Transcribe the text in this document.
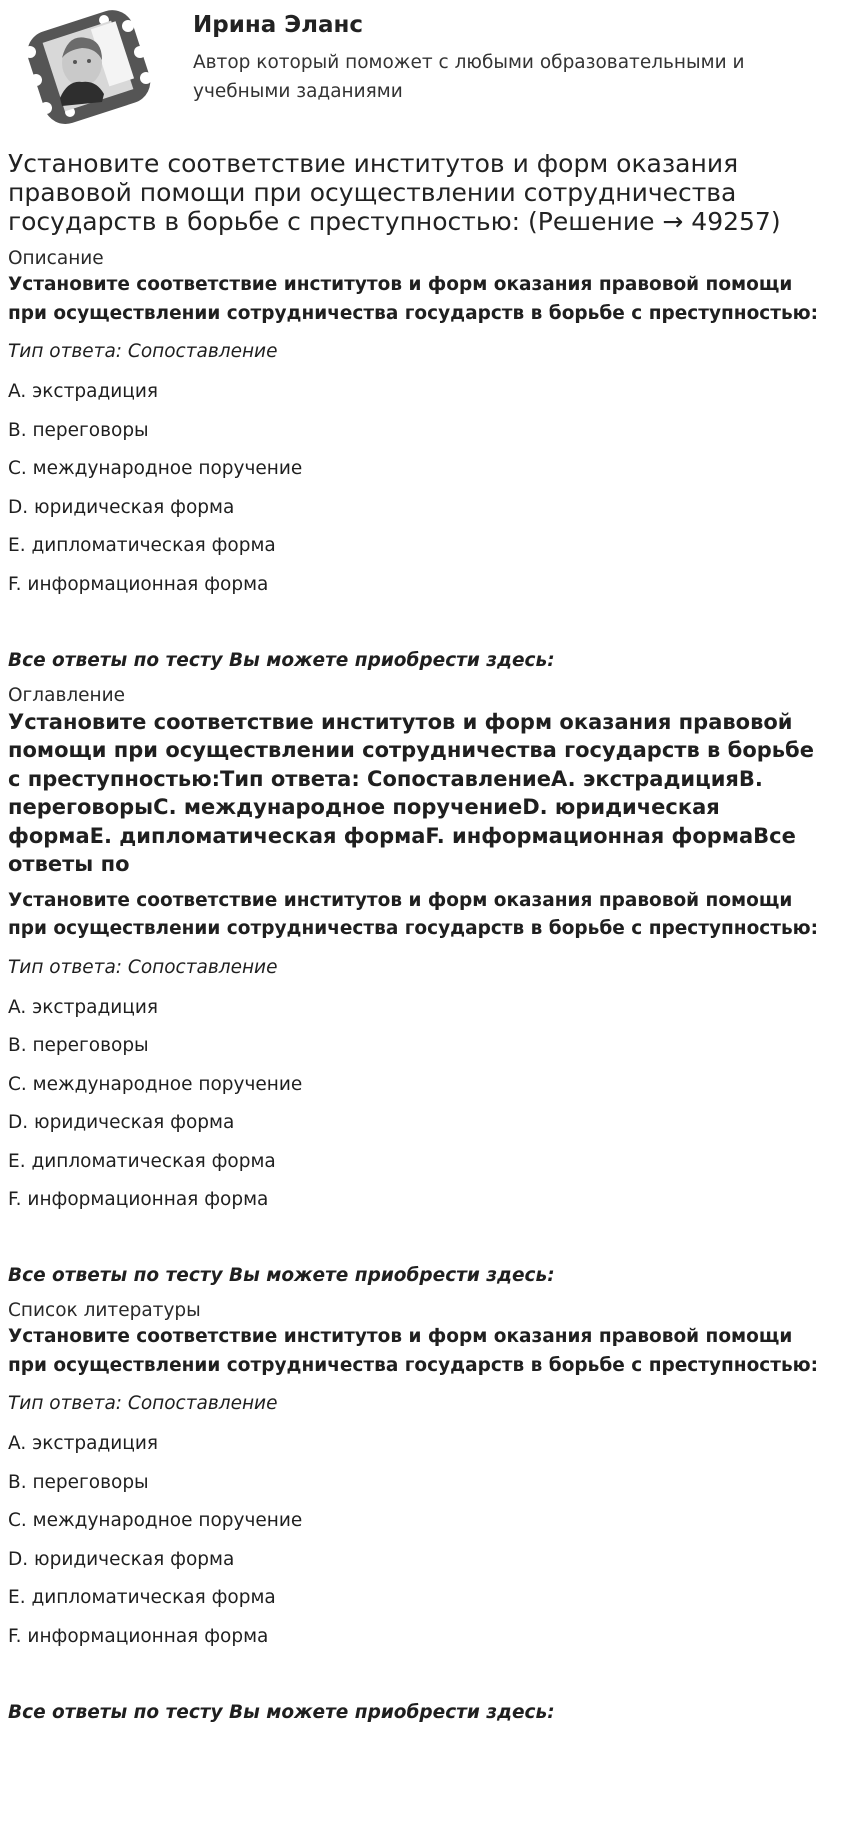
Ирина Эланс
Автор который поможет с любыми образовательными и учебными заданиями
Установите соответствие институтов и форм оказания правовой помощи при осуществлении сотрудничества государств в борьбе с преступностью: (Решение → 49257)
Описание

Установите соответствие институтов и форм оказания правовой помощи при осуществлении сотрудничества государств в борьбе с преступностью:

Тип ответа: Сопоставление

A. экстрадиция
B. переговоры
C. международное поручение
D. юридическая форма
E. дипломатическая форма
F. информационная форма

Все ответы по тесту Вы можете приобрести здесь:

Оглавление

Установите соответствие институтов и форм оказания правовой помощи при осуществлении сотрудничества государств в борьбе с преступностью:Тип ответа: СопоставлениеA. экстрадицияB. переговорыC. международное поручениеD. юридическая формаE. дипломатическая формаF. информационная формаВсе ответы по

Установите соответствие институтов и форм оказания правовой помощи при осуществлении сотрудничества государств в борьбе с преступностью:

Тип ответа: Сопоставление

A. экстрадиция
B. переговоры
C. международное поручение
D. юридическая форма
E. дипломатическая форма
F. информационная форма

Все ответы по тесту Вы можете приобрести здесь:

Список литературы

Установите соответствие институтов и форм оказания правовой помощи при осуществлении сотрудничества государств в борьбе с преступностью:

Тип ответа: Сопоставление

A. экстрадиция
B. переговоры
C. международное поручение
D. юридическая форма
E. дипломатическая форма
F. информационная форма

Все ответы по тесту Вы можете приобрести здесь:
